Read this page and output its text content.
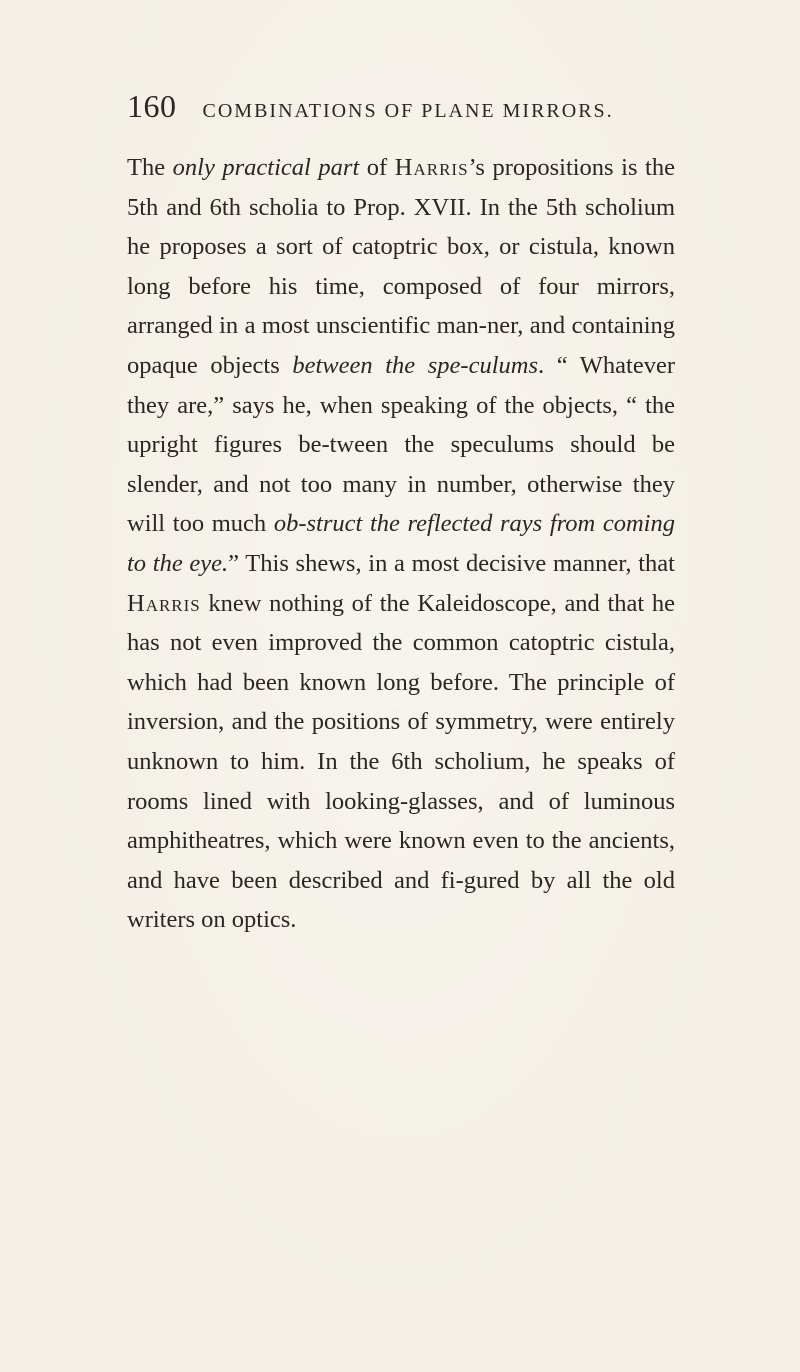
160 COMBINATIONS OF PLANE MIRRORS.

The only practical part of Harris’s propositions is the 5th and 6th scholia to Prop. XVII. In the 5th scholium he proposes a sort of catoptric box, or cistula, known long before his time, composed of four mirrors, arranged in a most unscientific man-ner, and containing opaque objects between the spe-culums. “ Whatever they are,” says he, when speaking of the objects, “ the upright figures be-tween the speculums should be slender, and not too many in number, otherwise they will too much ob-struct the reflected rays from coming to the eye.” This shews, in a most decisive manner, that Harris knew nothing of the Kaleidoscope, and that he has not even improved the common catoptric cistula, which had been known long before. The principle of inversion, and the positions of symmetry, were entirely unknown to him. In the 6th scholium, he speaks of rooms lined with looking-glasses, and of luminous amphitheatres, which were known even to the ancients, and have been described and fi-gured by all the old writers on optics.
